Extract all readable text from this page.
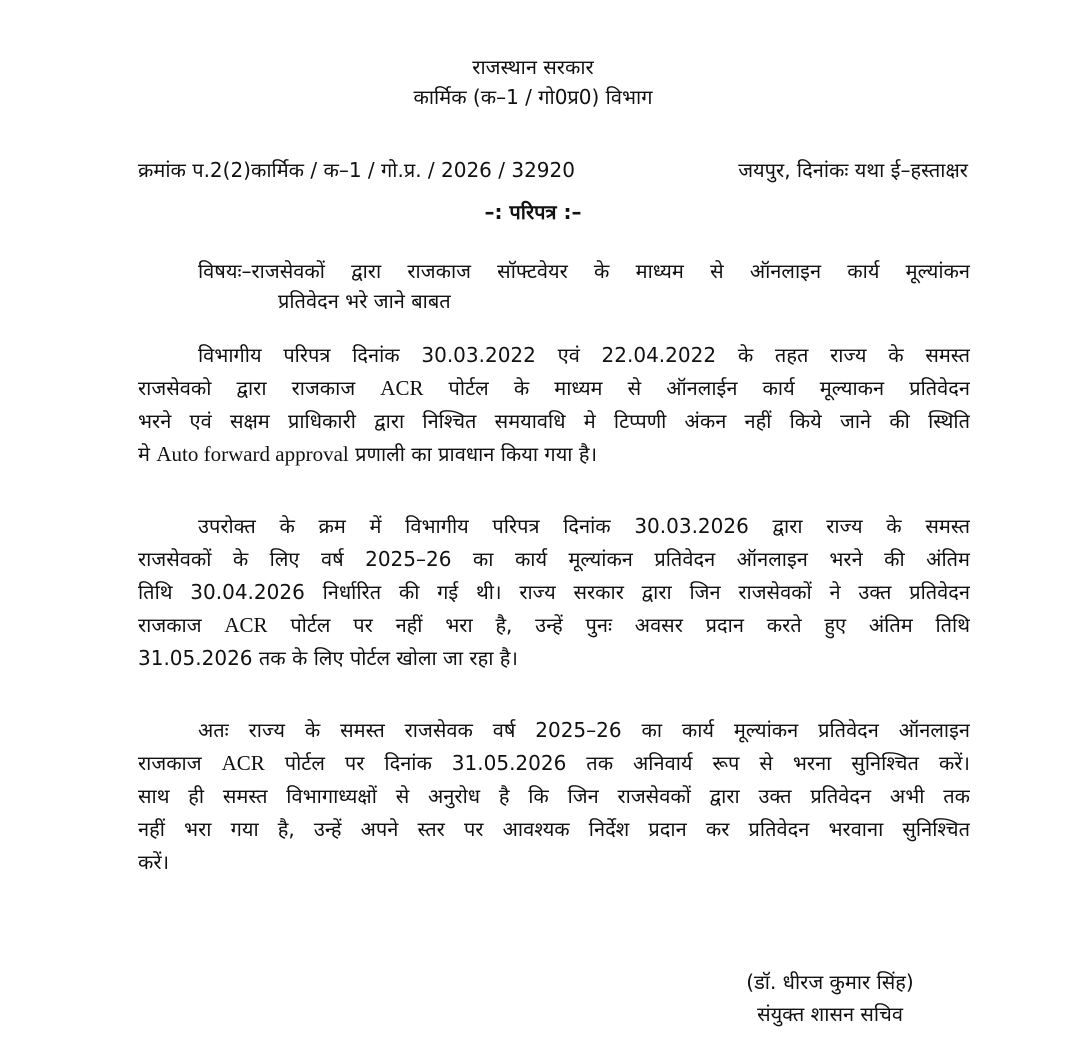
राजस्थान सरकार
कार्मिक (क–1 / गो0प्र0) विभाग
क्रमांक प.2(2)कार्मिक / क–1 / गो.प्र. / 2026 / 32920	जयपुर, दिनांकः यथा ई–हस्ताक्षर
–: परिपत्र :–
विषयः–राजसेवकों द्वारा राजकाज सॉफ्टवेयर के माध्यम से ऑनलाइन कार्य मूल्यांकन
प्रतिवेदन भरे जाने बाबत
विभागीय परिपत्र दिनांक 30.03.2022 एवं 22.04.2022 के तहत राज्य के समस्त
राजसेवको द्वारा राजकाज ACR पोर्टल के माध्यम से ऑनलाईन कार्य मूल्याकन प्रतिवेदन
भरने एवं सक्षम प्राधिकारी द्वारा निश्चित समयावधि मे टिप्पणी अंकन नहीं किये जाने की स्थिति
मे Auto forward approval प्रणाली का प्रावधान किया गया है।
उपरोक्त के क्रम में विभागीय परिपत्र दिनांक 30.03.2026 द्वारा राज्य के समस्त
राजसेवकों के लिए वर्ष 2025–26 का कार्य मूल्यांकन प्रतिवेदन ऑनलाइन भरने की अंतिम
तिथि 30.04.2026 निर्धारित की गई थी। राज्य सरकार द्वारा जिन राजसेवकों ने उक्त प्रतिवेदन
राजकाज ACR पोर्टल पर नहीं भरा है, उन्हें पुनः अवसर प्रदान करते हुए अंतिम तिथि
31.05.2026 तक के लिए पोर्टल खोला जा रहा है।
अतः राज्य के समस्त राजसेवक वर्ष 2025–26 का कार्य मूल्यांकन प्रतिवेदन ऑनलाइन
राजकाज ACR पोर्टल पर दिनांक 31.05.2026 तक अनिवार्य रूप से भरना सुनिश्चित करें।
साथ ही समस्त विभागाध्यक्षों से अनुरोध है कि जिन राजसेवकों द्वारा उक्त प्रतिवेदन अभी तक
नहीं भरा गया है, उन्हें अपने स्तर पर आवश्यक निर्देश प्रदान कर प्रतिवेदन भरवाना सुनिश्चित
करें।
(डॉ. धीरज कुमार सिंह)
संयुक्त शासन सचिव
